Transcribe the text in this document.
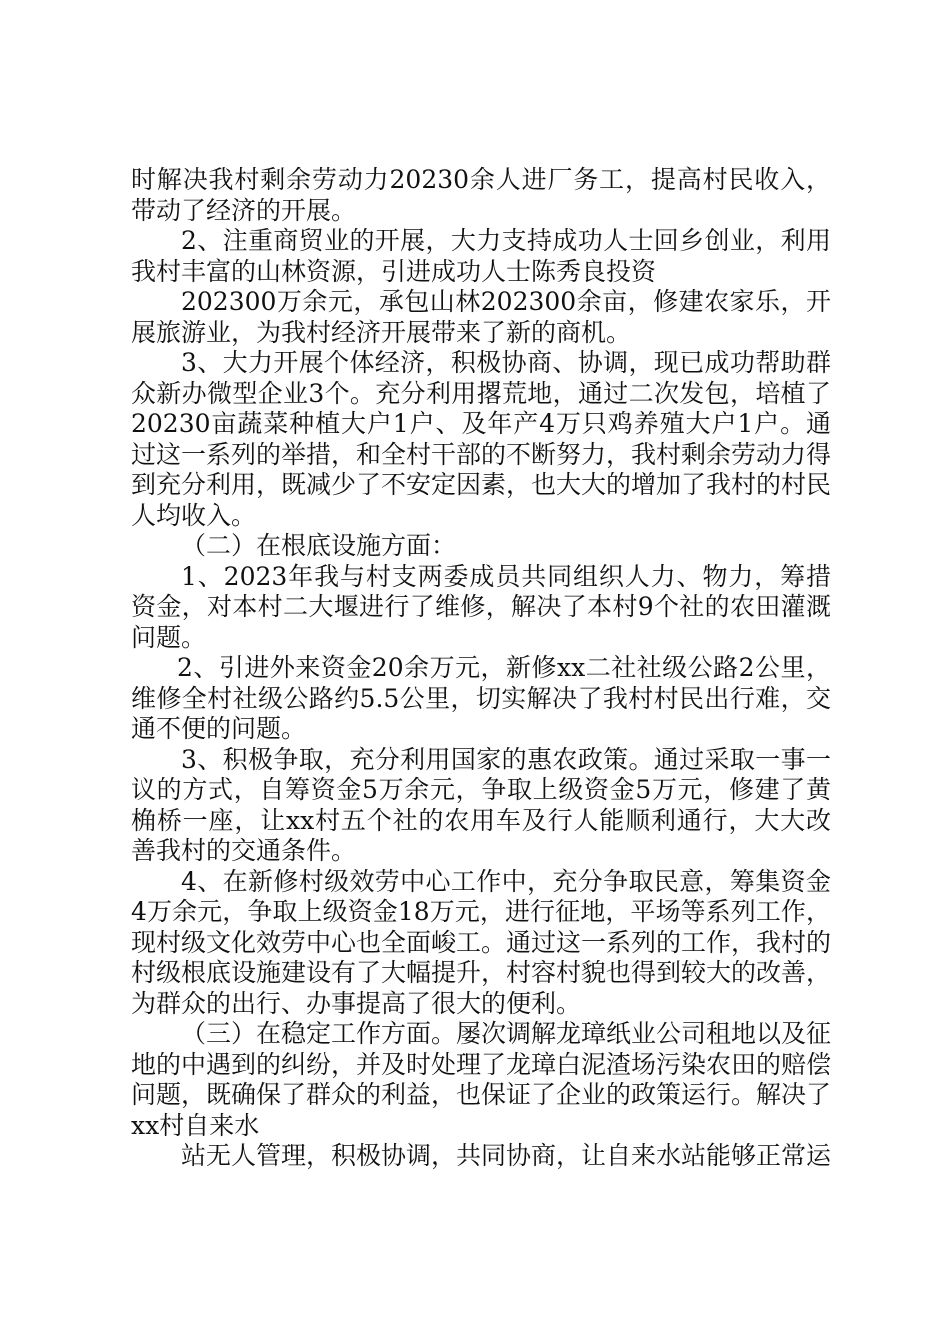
时解决我村剩余劳动力20230余人进厂务工，提高村民收入，带动了经济的开展。

2、注重商贸业的开展，大力支持成功人士回乡创业，利用我村丰富的山林资源，引进成功人士陈秀良投资

202300万余元，承包山林202300余亩，修建农家乐，开展旅游业，为我村经济开展带来了新的商机。

3、大力开展个体经济，积极协商、协调，现已成功帮助群众新办微型企业3个。充分利用撂荒地，通过二次发包，培植了20230亩蔬菜种植大户1户、及年产4万只鸡养殖大户1户。通过这一系列的举措，和全村干部的不断努力，我村剩余劳动力得到充分利用，既减少了不安定因素，也大大的增加了我村的村民人均收入。

（二）在根底设施方面：

1、2023年我与村支两委成员共同组织人力、物力，筹措资金，对本村二大堰进行了维修，解决了本村9个社的农田灌溉问题。

2、引进外来资金20余万元，新修xx二社社级公路2公里，维修全村社级公路约5.5公里，切实解决了我村村民出行难，交通不便的问题。

3、积极争取，充分利用国家的惠农政策。通过采取一事一议的方式，自筹资金5万余元，争取上级资金5万元，修建了黄桷桥一座，让xx村五个社的农用车及行人能顺利通行，大大改善我村的交通条件。

4、在新修村级效劳中心工作中，充分争取民意，筹集资金4万余元，争取上级资金18万元，进行征地，平场等系列工作，现村级文化效劳中心也全面峻工。通过这一系列的工作，我村的村级根底设施建设有了大幅提升，村容村貌也得到较大的改善，为群众的出行、办事提高了很大的便利。

（三）在稳定工作方面。屡次调解龙璋纸业公司租地以及征地的中遇到的纠纷，并及时处理了龙璋白泥渣场污染农田的赔偿问题，既确保了群众的利益，也保证了企业的政策运行。解决了xx村自来水

站无人管理，积极协调，共同协商，让自来水站能够正常运
